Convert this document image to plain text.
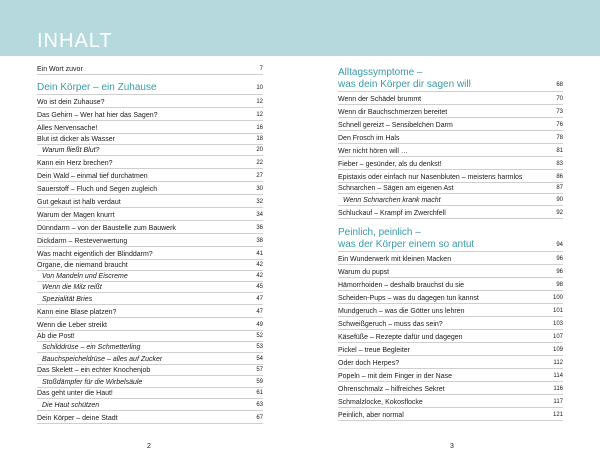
INHALT
Ein Wort zuvor	7
Dein Körper – ein Zuhause	10
Wo ist dein Zuhause?	12
Das Gehirn – Wer hat hier das Sagen?	12
Alles Nervensache!	16
Blut ist dicker als Wasser	18
Warum fließt Blut?	20
Kann ein Herz brechen?	22
Dein Wald – einmal tief durchatmen	27
Sauerstoff – Fluch und Segen zugleich	30
Gut gekaut ist halb verdaut	32
Warum der Magen knurrt	34
Dünndarm – von der Baustelle zum Bauwerk	36
Dickdarm – Resteverwertung	38
Was macht eigentlich der Blinddarm?	41
Organe, die niemand braucht	42
Von Mandeln und Eiscreme	42
Wenn die Milz reißt	45
Spezialität Bries	47
Kann eine Blase platzen?	47
Wenn die Leber streikt	49
Ab die Post!	52
Schilddrüse – ein Schmetterling	53
Bauchspeicheldrüse – alles auf Zucker	54
Das Skelett – ein echter Knochenjob	57
Stoßdämpfer für die Wirbelsäule	59
Das geht unter die Haut!	61
Die Haut schützen	63
Dein Körper – deine Stadt	67
Alltagssymptome –
was dein Körper dir sagen will	68
Wenn der Schädel brummt	70
Wenn dir Bauchschmerzen bereitet	73
Schnell gereizt – Sensibelchen Darm	76
Den Frosch im Hals	78
Wer nicht hören will …	81
Fieber – gesünder, als du denkst!	83
Epistaxis oder einfach nur Nasenbluten – meistens harmlos	86
Schnarchen – Sägen am eigenen Ast	87
Wenn Schnarchen krank macht	90
Schluckauf – Krampf im Zwerchfell	92
Peinlich, peinlich –
was der Körper einem so antut	94
Ein Wunderwerk mit kleinen Macken	96
Warum du pupst	96
Hämorrhoiden – deshalb brauchst du sie	98
Scheiden-Pups – was du dagegen tun kannst	100
Mundgeruch – was die Götter uns lehren	101
Schweißgeruch – muss das sein?	103
Käsefüße – Rezepte dafür und dagegen	107
Pickel – treue Begleiter	109
Oder doch Herpes?	112
Popeln – mit dem Finger in der Nase	114
Ohrenschmalz – hilfreiches Sekret	116
Schmalzlocke, Kokosflocke	117
Peinlich, aber normal	121
2	3
